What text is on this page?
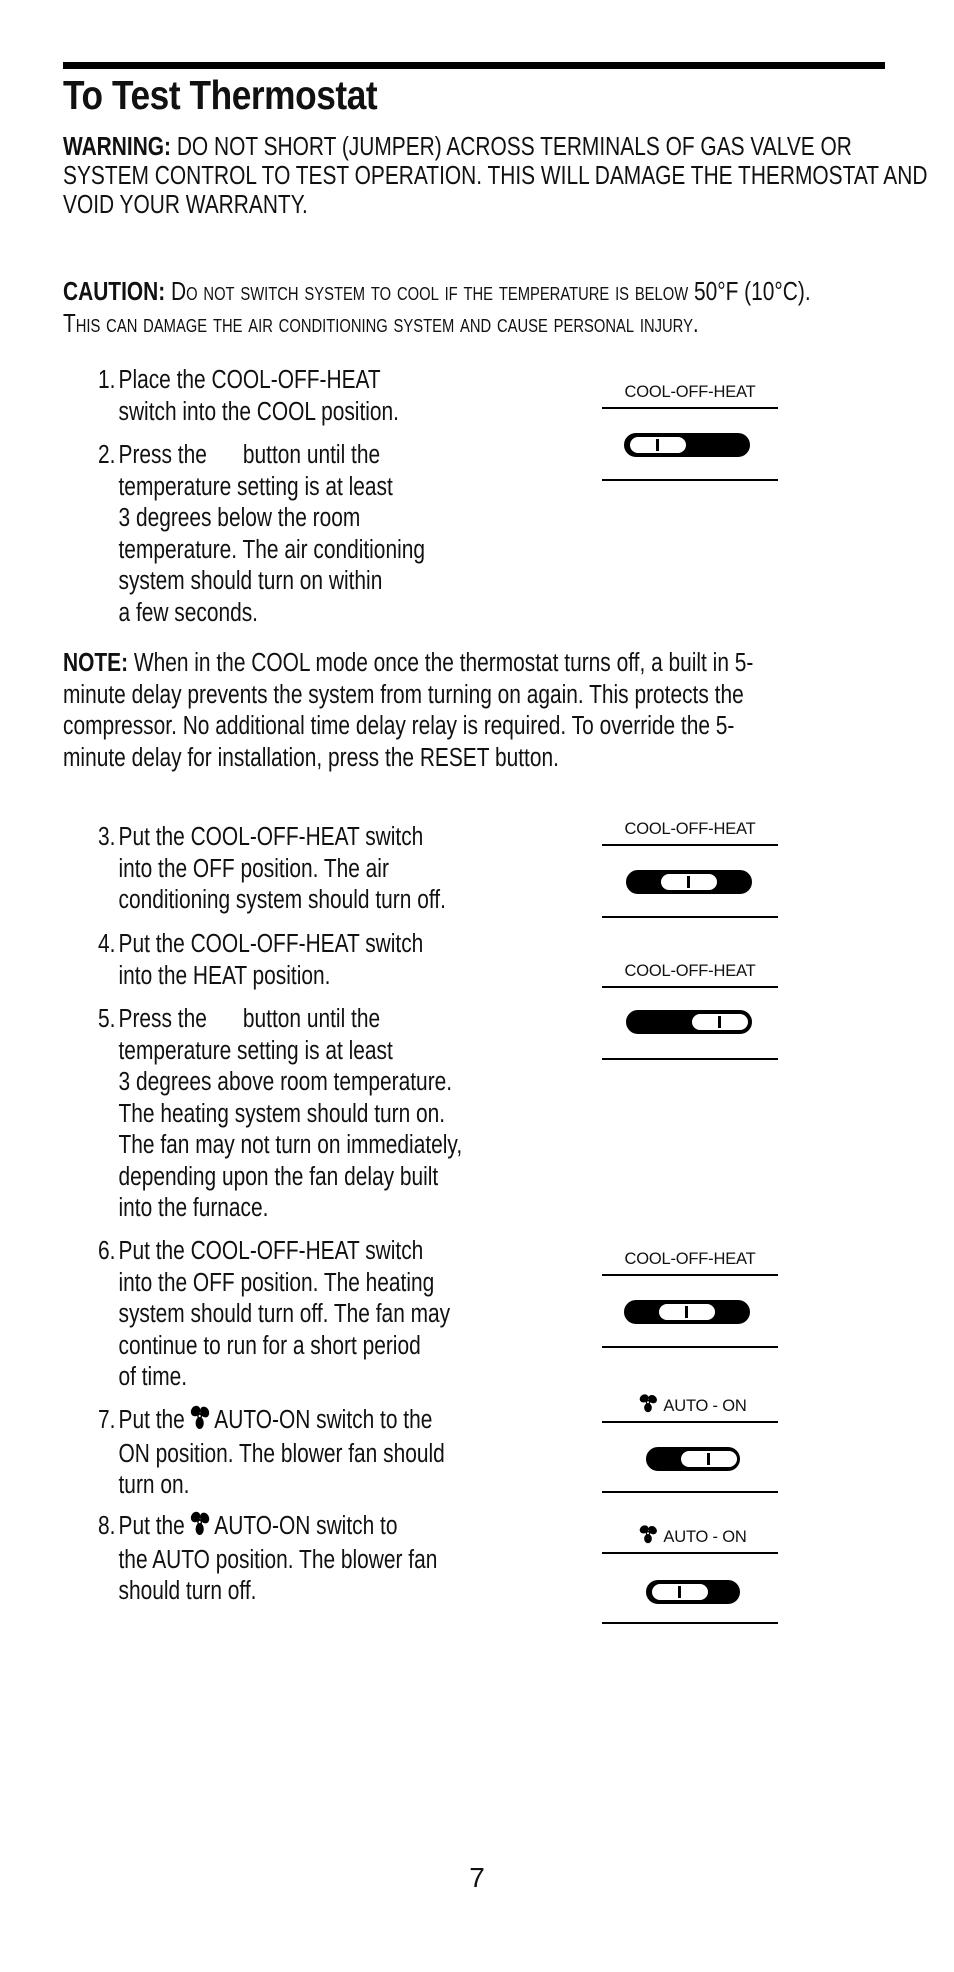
To Test Thermostat
WARNING: DO NOT SHORT (JUMPER) ACROSS TERMINALS OF GAS VALVE OR
SYSTEM CONTROL TO TEST OPERATION. THIS WILL DAMAGE THE THERMOSTAT AND
VOID YOUR WARRANTY.
CAUTION: Do not switch system to cool if the temperature is below 50°F (10°C).
This can damage the air conditioning system and cause personal injury.
1. Place the COOL-OFF-HEAT
switch into the COOL position.
2. Press the button until the
temperature setting is at least
3 degrees below the room
temperature. The air conditioning
system should turn on within
a few seconds.
NOTE: When in the COOL mode once the thermostat turns off, a built in 5-
minute delay prevents the system from turning on again. This protects the
compressor. No additional time delay relay is required. To override the 5-
minute delay for installation, press the RESET button.
3. Put the COOL-OFF-HEAT switch
into the OFF position. The air
conditioning system should turn off.
4. Put the COOL-OFF-HEAT switch
into the HEAT position.
5. Press the button until the
temperature setting is at least
3 degrees above room temperature.
The heating system should turn on.
The fan may not turn on immediately,
depending upon the fan delay built
into the furnace.
6. Put the COOL-OFF-HEAT switch
into the OFF position. The heating
system should turn off. The fan may
continue to run for a short period
of time.
7. Put the AUTO-ON switch to the
ON position. The blower fan should
turn on.
8. Put the AUTO-ON switch to
the AUTO position. The blower fan
should turn off.
COOL-OFF-HEAT
COOL-OFF-HEAT
COOL-OFF-HEAT
COOL-OFF-HEAT
AUTO - ON
AUTO - ON
7
